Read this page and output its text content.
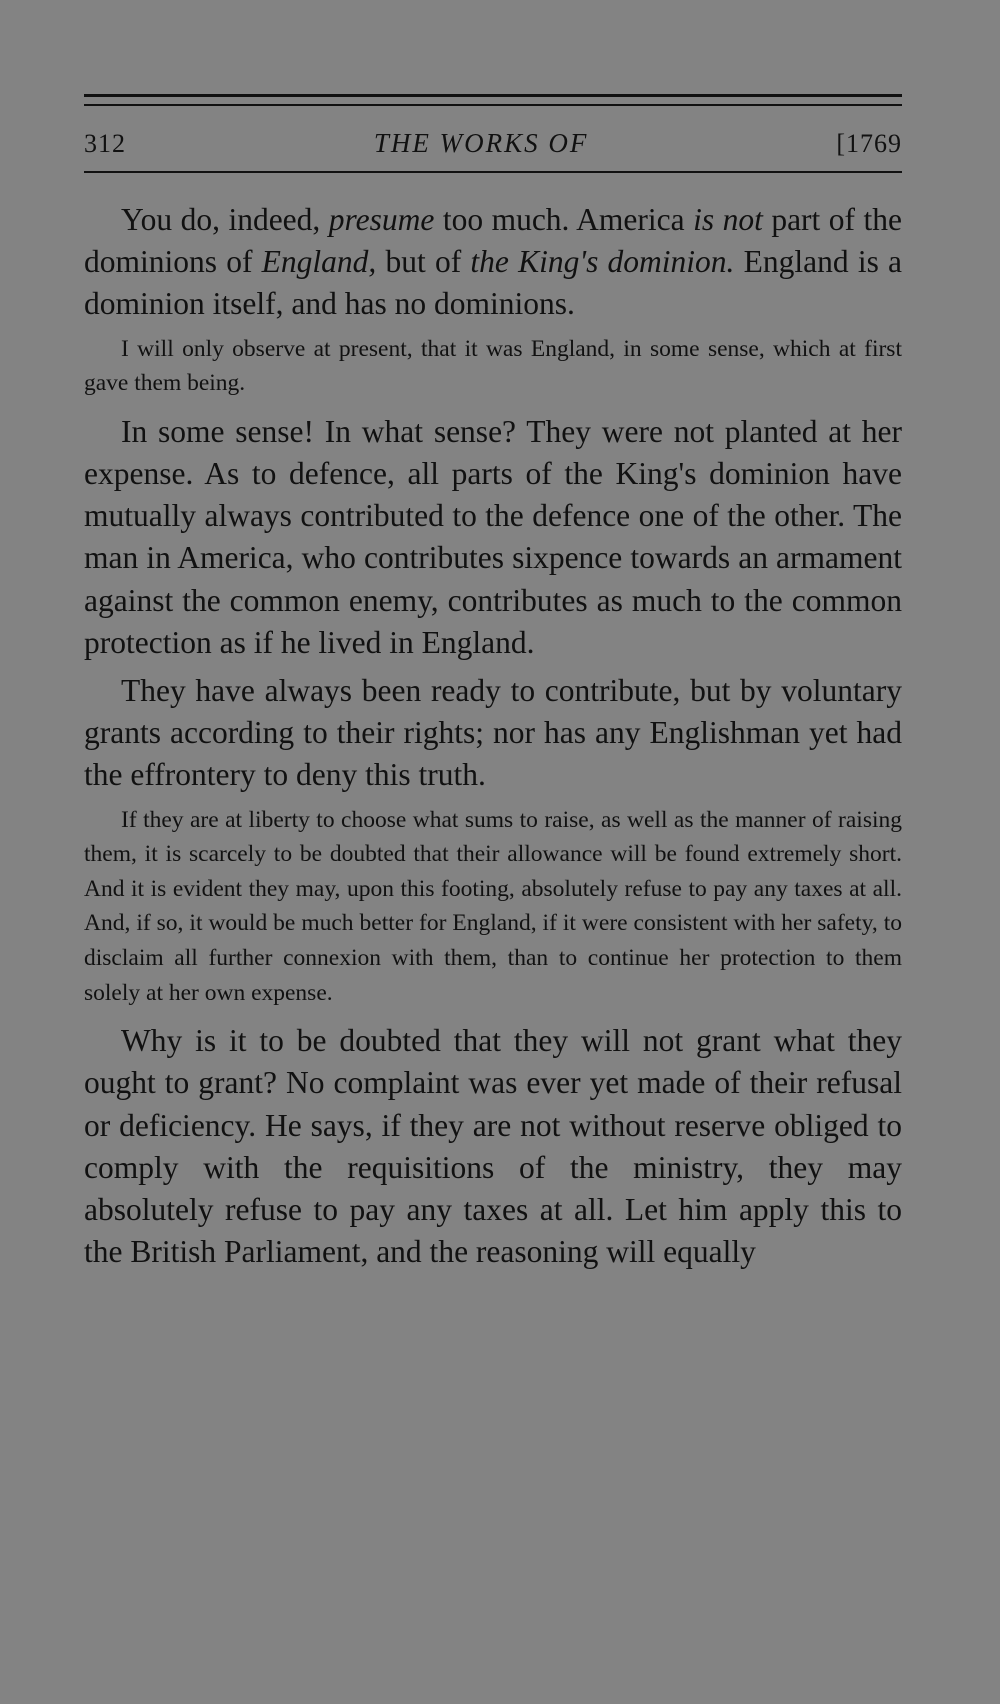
312	THE WORKS OF	[1769

You do, indeed, presume too much. America is not part of the dominions of England, but of the King's dominion. England is a dominion itself, and has no dominions.

I will only observe at present, that it was England, in some sense, which at first gave them being.

In some sense! In what sense? They were not planted at her expense. As to defence, all parts of the King's dominion have mutually always contributed to the defence one of the other. The man in America, who contributes sixpence towards an armament against the common enemy, contributes as much to the common protection as if he lived in England.

They have always been ready to contribute, but by voluntary grants according to their rights; nor has any Englishman yet had the effrontery to deny this truth.

If they are at liberty to choose what sums to raise, as well as the manner of raising them, it is scarcely to be doubted that their allowance will be found extremely short. And it is evident they may, upon this footing, absolutely refuse to pay any taxes at all. And, if so, it would be much better for England, if it were consistent with her safety, to disclaim all further connexion with them, than to continue her protection to them solely at her own expense.

Why is it to be doubted that they will not grant what they ought to grant? No complaint was ever yet made of their refusal or deficiency. He says, if they are not without reserve obliged to comply with the requisitions of the ministry, they may absolutely refuse to pay any taxes at all. Let him apply this to the British Parliament, and the reasoning will equally
